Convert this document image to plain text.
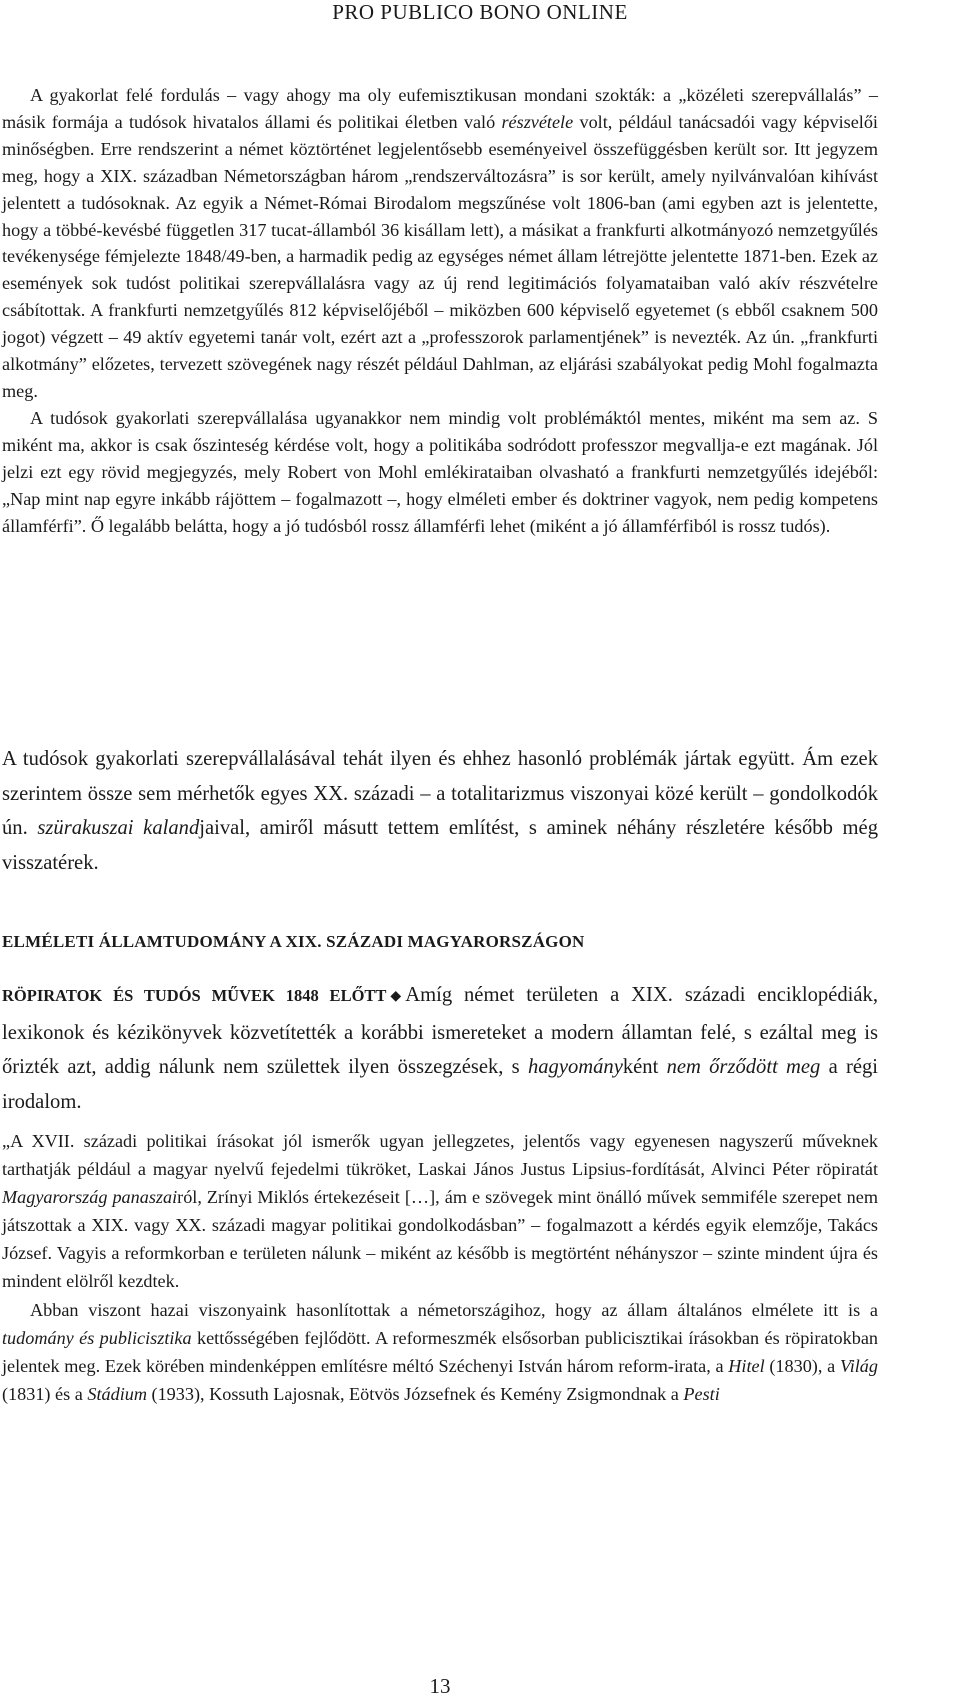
PRO PUBLICO BONO ONLINE

A gyakorlat felé fordulás – vagy ahogy ma oly eufemisztikusan mondani szokták: a „közéleti szerepvállalás” – másik formája a tudósok hivatalos állami és politikai életben való részvétele volt, például tanácsadói vagy képviselői minőségben. Erre rendszerint a német köztörténet legjelentősebb eseményeivel összefüggésben került sor. Itt jegyzem meg, hogy a XIX. században Németországban három „rendszerváltozásra” is sor került, amely nyilvánvalóan kihívást jelentett a tudósoknak. Az egyik a Német-Római Birodalom megszűnése volt 1806-ban (ami egyben azt is jelentette, hogy a többé-kevésbé független 317 tucat-államból 36 kisállam lett), a másikat a frankfurti alkotmányozó nemzetgyűlés tevékenysége fémjelezte 1848/49-ben, a harmadik pedig az egységes német állam létrejötte jelentette 1871-ben. Ezek az események sok tudóst politikai szerepvállalásra vagy az új rend legitimációs folyamataiban való akív részvételre csábítottak. A frankfurti nemzetgyűlés 812 képviselőjéből – miközben 600 képviselő egyetemet (s ebből csaknem 500 jogot) végzett – 49 aktív egyetemi tanár volt, ezért azt a „professzorok parlamentjének” is nevezték. Az ún. „frankfurti alkotmány” előzetes, tervezett szövegének nagy részét például Dahlman, az eljárási szabályokat pedig Mohl fogalmazta meg.

A tudósok gyakorlati szerepvállalása ugyanakkor nem mindig volt problémáktól mentes, miként ma sem az. S miként ma, akkor is csak őszinteség kérdése volt, hogy a politikába sodródott professzor megvallja-e ezt magának. Jól jelzi ezt egy rövid megjegyzés, mely Robert von Mohl emlékirataiban olvasható a frankfurti nemzetgyűlés idejéből: „Nap mint nap egyre inkább rájöttem – fogalmazott –, hogy elméleti ember és doktriner vagyok, nem pedig kompetens államférfi”. Ő legalább belátta, hogy a jó tudósból rossz államférfi lehet (miként a jó államférfiból is rossz tudós).

A tudósok gyakorlati szerepvállalásával tehát ilyen és ehhez hasonló problémák jártak együtt. Ám ezek szerintem össze sem mérhetők egyes XX. századi – a totalitarizmus viszonyai közé került – gondolkodók ún. szürakuszai kalandjaival, amiről másutt tettem említést, s aminek néhány részletére később még visszatérek.

ELMÉLETI ÁLLAMTUDOMÁNY A XIX. SZÁZADI MAGYARORSZÁGON

RÖPIRATOK ÉS TUDÓS MŰVEK 1848 ELŐTT ◆ Amíg német területen a XIX. századi enciklopédiák, lexikonok és kézikönyvek közvetítették a korábbi ismereteket a modern államtan felé, s ezáltal meg is őrizték azt, addig nálunk nem születtek ilyen összegzések, s hagyományként nem őrződött meg a régi irodalom.

„A XVII. századi politikai írásokat jól ismerők ugyan jellegzetes, jelentős vagy egyenesen nagyszerű műveknek tarthatják például a magyar nyelvű fejedelmi tükröket, Laskai János Justus Lipsius-fordítását, Alvinci Péter röpiratát Magyarország panaszairól, Zrínyi Miklós értekezéseit […], ám e szövegek mint önálló művek semmiféle szerepet nem játszottak a XIX. vagy XX. századi magyar politikai gondolkodásban” – fogalmazott a kérdés egyik elemzője, Takács József. Vagyis a reformkorban e területen nálunk – miként az később is megtörtént néhányszor – szinte mindent újra és mindent elölről kezdtek.

Abban viszont hazai viszonyaink hasonlítottak a németországihoz, hogy az állam általános elmélete itt is a tudomány és publicisztika kettősségében fejlődött. A reformeszmék elsősorban publicisztikai írásokban és röpiratokban jelentek meg. Ezek körében mindenképpen említésre méltó Széchenyi István három reform-irata, a Hitel (1830), a Világ (1831) és a Stádium (1933), Kossuth Lajosnak, Eötvös Józsefnek és Kemény Zsigmondnak a Pesti

13
